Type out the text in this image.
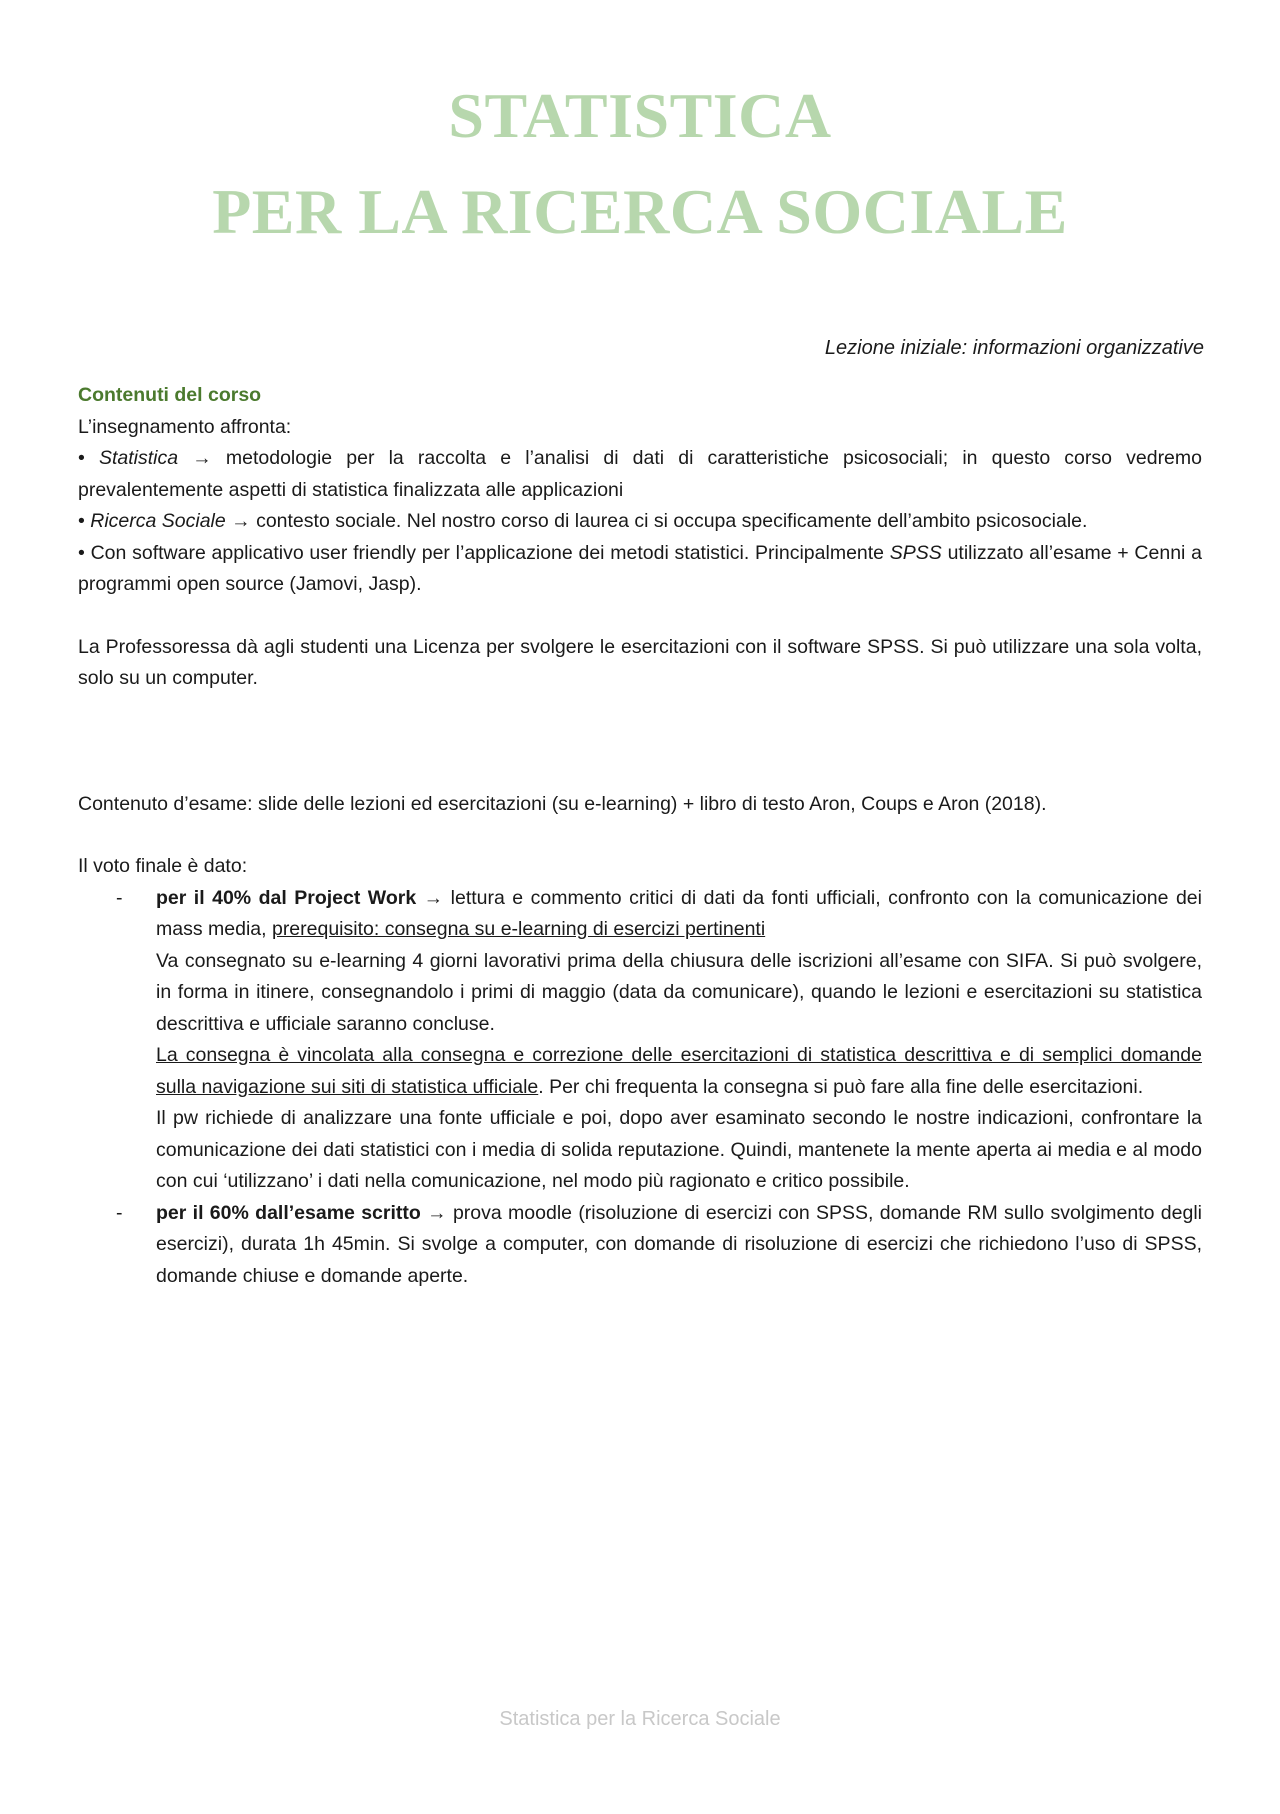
STATISTICA
PER LA RICERCA SOCIALE
Lezione iniziale: informazioni organizzative

Contenuti del corso

L’insegnamento affronta:

• Statistica → metodologie per la raccolta e l’analisi di dati di caratteristiche psicosociali; in questo corso vedremo prevalentemente aspetti di statistica finalizzata alle applicazioni

• Ricerca Sociale → contesto sociale. Nel nostro corso di laurea ci si occupa specificamente dell’ambito psicosociale.

• Con software applicativo user friendly per l’applicazione dei metodi statistici. Principalmente SPSS utilizzato all’esame + Cenni a programmi open source (Jamovi, Jasp).

La Professoressa dà agli studenti una Licenza per svolgere le esercitazioni con il software SPSS. Si può utilizzare una sola volta, solo su un computer.

Contenuto d’esame: slide delle lezioni ed esercitazioni (su e-learning) + libro di testo Aron, Coups e Aron (2018).

Il voto finale è dato:

- per il 40% dal Project Work → lettura e commento critici di dati da fonti ufficiali, confronto con la comunicazione dei mass media, prerequisito: consegna su e-learning di esercizi pertinenti

Va consegnato su e-learning 4 giorni lavorativi prima della chiusura delle iscrizioni all’esame con SIFA. Si può svolgere, in forma in itinere, consegnandolo i primi di maggio (data da comunicare), quando le lezioni e esercitazioni su statistica descrittiva e ufficiale saranno concluse.

La consegna è vincolata alla consegna e correzione delle esercitazioni di statistica descrittiva e di semplici domande sulla navigazione sui siti di statistica ufficiale. Per chi frequenta la consegna si può fare alla fine delle esercitazioni.

Il pw richiede di analizzare una fonte ufficiale e poi, dopo aver esaminato secondo le nostre indicazioni, confrontare la comunicazione dei dati statistici con i media di solida reputazione. Quindi, mantenete la mente aperta ai media e al modo con cui ‘utilizzano’ i dati nella comunicazione, nel modo più ragionato e critico possibile.

- per il 60% dall’esame scritto → prova moodle (risoluzione di esercizi con SPSS, domande RM sullo svolgimento degli esercizi), durata 1h 45min. Si svolge a computer, con domande di risoluzione di esercizi che richiedono l’uso di SPSS, domande chiuse e domande aperte.

Statistica per la Ricerca Sociale
